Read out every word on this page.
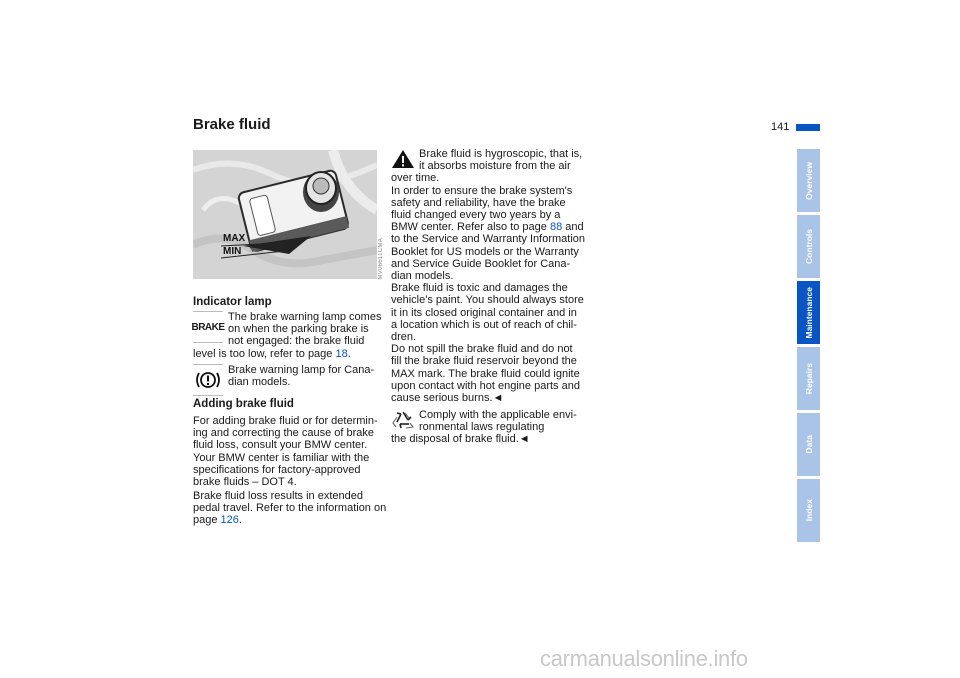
Brake fluid	141
MAX
MIN	MV06611CMA
Indicator lamp
BRAKE

The brake warning lamp comes

on when the parking brake is

not engaged: the brake fluid

level is too low, refer to page 18.

Brake warning lamp for Cana-

dian models.

Adding brake fluid

For adding brake fluid or for determin-

ing and correcting the cause of brake

fluid loss, consult your BMW center.

Your BMW center is familiar with the

specifications for factory-approved

brake fluids – DOT 4.

Brake fluid loss results in extended

pedal travel. Refer to the information on

page 126.

Brake fluid is hygroscopic, that is,

it absorbs moisture from the air

over time.

In order to ensure the brake system's

safety and reliability, have the brake

fluid changed every two years by a

BMW center. Refer also to page 88 and

to the Service and Warranty Information

Booklet for US models or the Warranty

and Service Guide Booklet for Cana-

dian models.

Brake fluid is toxic and damages the

vehicle's paint. You should always store

it in its closed original container and in

a location which is out of reach of chil-

dren.

Do not spill the brake fluid and do not

fill the brake fluid reservoir beyond the

MAX mark. The brake fluid could ignite

upon contact with hot engine parts and

cause serious burns.◄

Comply with the applicable envi-

ronmental laws regulating

the disposal of brake fluid.◄

Overview
Controls
Maintenance
Repairs
Data
Index
carmanualsonline.info
